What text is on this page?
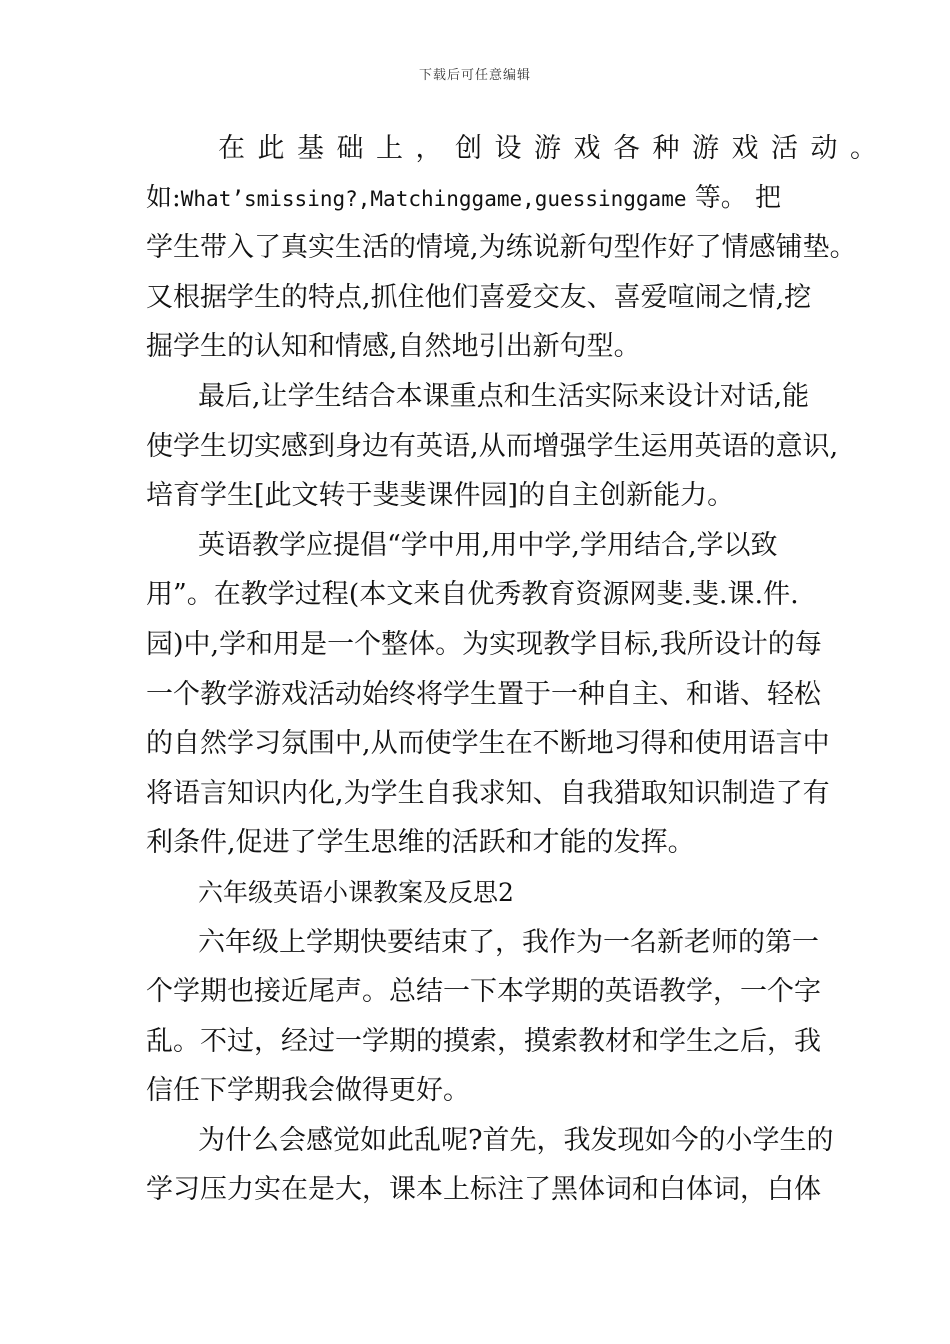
下载后可任意编辑
在此基础上，创设游戏各种游戏活动。
如:What’smissing?,Matchinggame,guessinggame 等。 把
学生带入了真实生活的情境,为练说新句型作好了情感铺垫。
又根据学生的特点,抓住他们喜爱交友、喜爱喧闹之情,挖
掘学生的认知和情感,自然地引出新句型。
最后,让学生结合本课重点和生活实际来设计对话,能
使学生切实感到身边有英语,从而增强学生运用英语的意识,
培育学生[此文转于斐斐课件园]的自主创新能力。
英语教学应提倡“学中用,用中学,学用结合,学以致
用”。在教学过程(本文来自优秀教育资源网斐.斐.课.件.
园)中,学和用是一个整体。为实现教学目标,我所设计的每
一个教学游戏活动始终将学生置于一种自主、和谐、轻松
的自然学习氛围中,从而使学生在不断地习得和使用语言中
将语言知识内化,为学生自我求知、自我猎取知识制造了有
利条件,促进了学生思维的活跃和才能的发挥。
六年级英语小课教案及反思2
六年级上学期快要结束了，我作为一名新老师的第一
个学期也接近尾声。总结一下本学期的英语教学，一个字
乱。不过，经过一学期的摸索，摸索教材和学生之后，我
信任下学期我会做得更好。
为什么会感觉如此乱呢?首先，我发现如今的小学生的
学习压力实在是大，课本上标注了黑体词和白体词，白体
